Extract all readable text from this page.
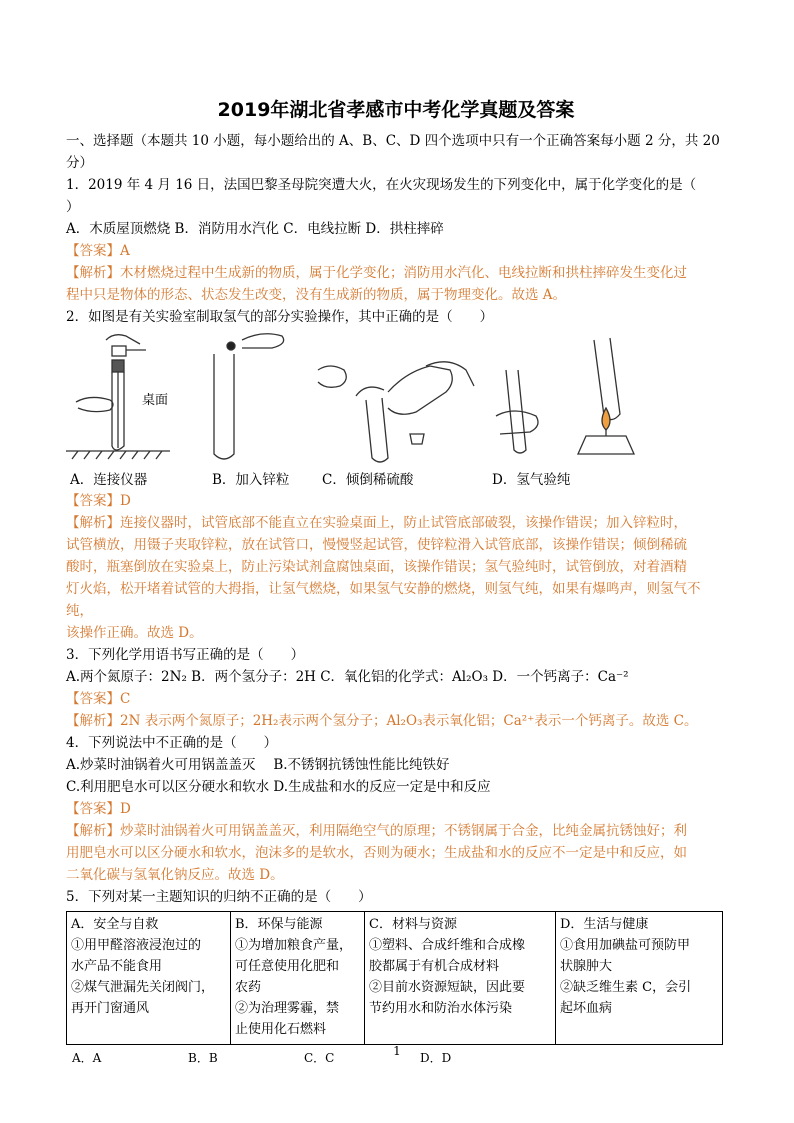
2019年湖北省孝感市中考化学真题及答案

一、选择题（本题共 10 小题，每小题给出的 A、B、C、D 四个选项中只有一个正确答案每小题 2 分，共 20

分）

1．2019 年 4 月 16 日，法国巴黎圣母院突遭大火，在火灾现场发生的下列变化中，属于化学变化的是（

）

A．木质屋顶燃烧 B．消防用水汽化 C．电线拉断 D．拱柱摔碎

【答案】A

【解析】木材燃烧过程中生成新的物质，属于化学变化；消防用水汽化、电线拉断和拱柱摔碎发生变化过

程中只是物体的形态、状态发生改变，没有生成新的物质，属于物理变化。故选 A。

2．如图是有关实验室制取氢气的部分实验操作，其中正确的是（　　）

桌面
A．连接仪器	B．加入锌粒 C．倾倒稀硫酸	D．氢气验纯

【答案】D

【解析】连接仪器时，试管底部不能直立在实验桌面上，防止试管底部破裂，该操作错误；加入锌粒时，

试管横放，用镊子夹取锌粒，放在试管口，慢慢竖起试管，使锌粒滑入试管底部，该操作错误；倾倒稀硫

酸时，瓶塞倒放在实验桌上，防止污染试剂盒腐蚀桌面，该操作错误；氢气验纯时，试管倒放，对着酒精

灯火焰，松开堵着试管的大拇指，让氢气燃烧，如果氢气安静的燃烧，则氢气纯，如果有爆鸣声，则氢气不纯，

该操作正确。故选 D。

3．下列化学用语书写正确的是（　　）

A.两个氮原子：2N₂ B．两个氢分子：2H C．氧化铝的化学式：Al₂O₃ D．一个钙离子：Ca⁻²

【答案】C

【解析】2N 表示两个氮原子；2H₂表示两个氢分子；Al₂O₃表示氧化铝；Ca²⁺表示一个钙离子。故选 C。

4．下列说法中不正确的是（　　）

A.炒菜时油锅着火可用锅盖盖灭　 B.不锈钢抗锈蚀性能比纯铁好

C.利用肥皂水可以区分硬水和软水 D.生成盐和水的反应一定是中和反应

【答案】D

【解析】炒菜时油锅着火可用锅盖盖灭，利用隔绝空气的原理；不锈钢属于合金，比纯金属抗锈蚀好；利

用肥皂水可以区分硬水和软水，泡沫多的是软水，否则为硬水；生成盐和水的反应不一定是中和反应，如

二氧化碳与氢氧化钠反应。故选 D。

5．下列对某一主题知识的归纳不正确的是（　　）

A．安全与自救
①用甲醛溶液浸泡过的
水产品不能食用
②煤气泄漏先关闭阀门，
再开门窗通风

B．环保与能源
①为增加粮食产量，
可任意使用化肥和
农药
②为治理雾霾，禁
止使用化石燃料

C．材料与资源
①塑料、合成纤维和合成橡
胶都属于有机合成材料
②目前水资源短缺，因此要
节约用水和防治水体污染

D．生活与健康
①食用加碘盐可预防甲
状腺肿大
②缺乏维生素 C，会引
起坏血病
A．A	B．B	C．C	D．D
1
